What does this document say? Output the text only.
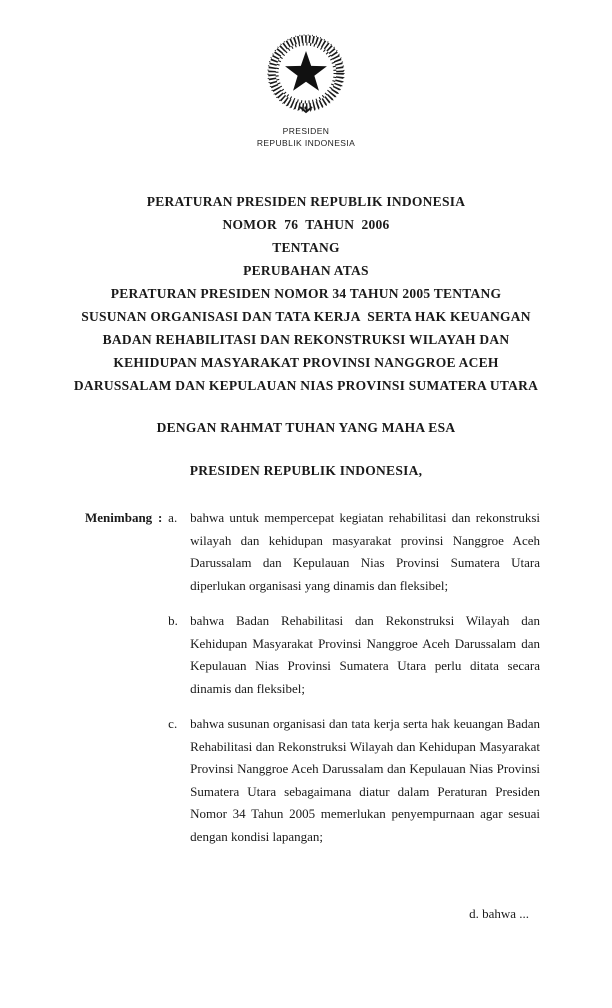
PRESIDEN
REPUBLIK INDONESIA
PERATURAN PRESIDEN REPUBLIK INDONESIA
NOMOR  76  TAHUN  2006
TENTANG
PERUBAHAN ATAS
PERATURAN PRESIDEN NOMOR 34 TAHUN 2005 TENTANG
SUSUNAN ORGANISASI DAN TATA KERJA  SERTA HAK KEUANGAN
BADAN REHABILITASI DAN REKONSTRUKSI WILAYAH DAN
KEHIDUPAN MASYARAKAT PROVINSI NANGGROE ACEH
DARUSSALAM DAN KEPULAUAN NIAS PROVINSI SUMATERA UTARA
DENGAN RAHMAT TUHAN YANG MAHA ESA
PRESIDEN REPUBLIK INDONESIA,
Menimbang : a. bahwa untuk mempercepat kegiatan rehabilitasi dan rekonstruksi wilayah dan kehidupan masyarakat provinsi Nanggroe Aceh Darussalam dan Kepulauan Nias Provinsi Sumatera Utara diperlukan organisasi yang dinamis dan fleksibel;
b. bahwa Badan Rehabilitasi dan Rekonstruksi Wilayah dan Kehidupan Masyarakat Provinsi Nanggroe Aceh Darussalam dan Kepulauan Nias Provinsi Sumatera Utara perlu ditata secara dinamis dan fleksibel;
c. bahwa susunan organisasi dan tata kerja serta hak keuangan Badan Rehabilitasi dan Rekonstruksi Wilayah dan Kehidupan Masyarakat Provinsi Nanggroe Aceh Darussalam dan Kepulauan Nias Provinsi Sumatera Utara sebagaimana diatur dalam Peraturan Presiden Nomor 34 Tahun 2005 memerlukan penyempurnaan agar sesuai dengan kondisi lapangan;
d. bahwa ...
